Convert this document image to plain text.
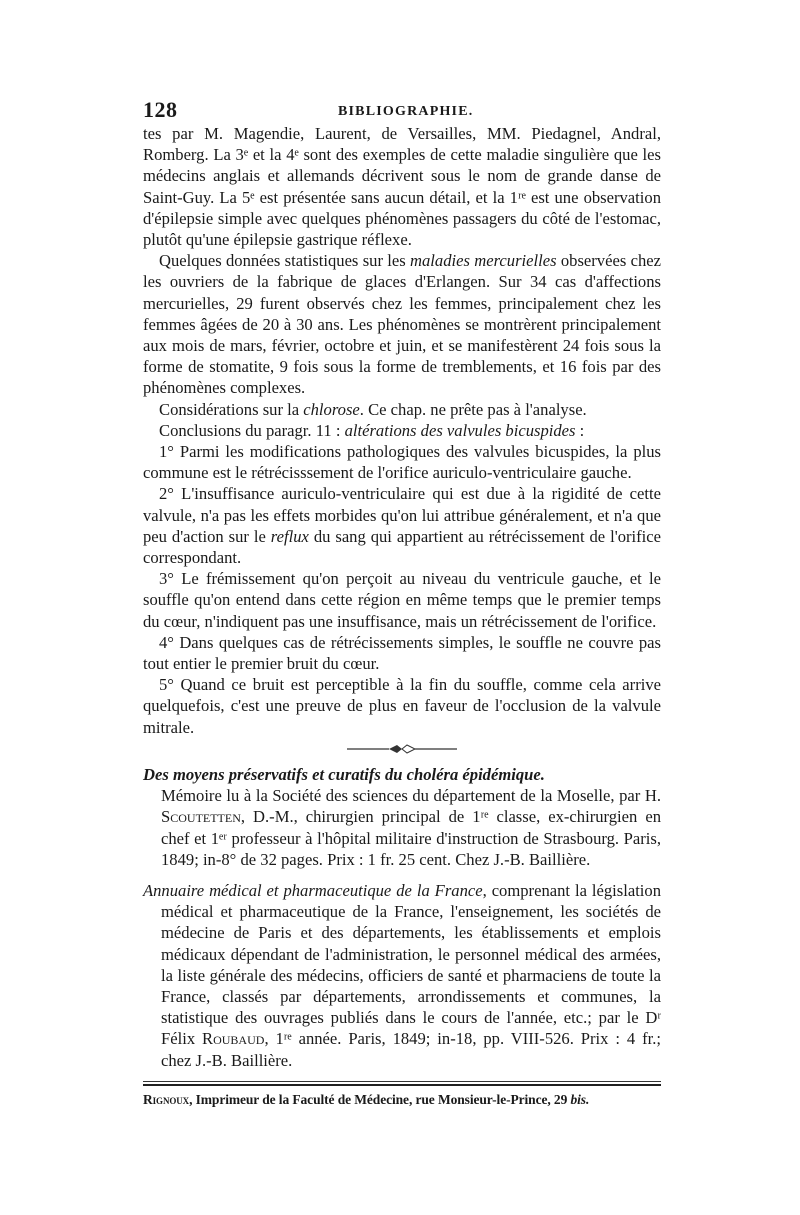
128	BIBLIOGRAPHIE.

tes par M. Magendie, Laurent, de Versailles, MM. Piedagnel, Andral, Romberg. La 3ᵉ et la 4ᵉ sont des exemples de cette maladie singulière que les médecins anglais et allemands décrivent sous le nom de grande danse de Saint-Guy. La 5ᵉ est présentée sans aucun détail, et la 1ʳᵉ est une observation d'épilepsie simple avec quelques phénomènes passagers du côté de l'estomac, plutôt qu'une épilepsie gastrique réflexe.

Quelques données statistiques sur les maladies mercurielles observées chez les ouvriers de la fabrique de glaces d'Erlangen. Sur 34 cas d'affections mercurielles, 29 furent observés chez les femmes, principalement chez les femmes âgées de 20 à 30 ans. Les phénomènes se montrèrent principalement aux mois de mars, février, octobre et juin, et se manifestèrent 24 fois sous la forme de stomatite, 9 fois sous la forme de tremblements, et 16 fois par des phénomènes complexes.

Considérations sur la chlorose. Ce chap. ne prête pas à l'analyse.

Conclusions du paragr. 11 : altérations des valvules bicuspides :

1° Parmi les modifications pathologiques des valvules bicuspides, la plus commune est le rétrécisssement de l'orifice auriculo-ventriculaire gauche.

2° L'insuffisance auriculo-ventriculaire qui est due à la rigidité de cette valvule, n'a pas les effets morbides qu'on lui attribue généralement, et n'a que peu d'action sur le reflux du sang qui appartient au rétrécissement de l'orifice correspondant.

3° Le frémissement qu'on perçoit au niveau du ventricule gauche, et le souffle qu'on entend dans cette région en même temps que le premier temps du cœur, n'indiquent pas une insuffisance, mais un rétrécissement de l'orifice.

4° Dans quelques cas de rétrécissements simples, le souffle ne couvre pas tout entier le premier bruit du cœur.

5° Quand ce bruit est perceptible à la fin du souffle, comme cela arrive quelquefois, c'est une preuve de plus en faveur de l'occlusion de la valvule mitrale.

Des moyens préservatifs et curatifs du choléra épidémique.

Mémoire lu à la Société des sciences du département de la Moselle, par H. Scoutetten, D.-M., chirurgien principal de 1ʳᵉ classe, ex-chirurgien en chef et 1ᵉʳ professeur à l'hôpital militaire d'instruction de Strasbourg. Paris, 1849; in-8° de 32 pages. Prix : 1 fr. 25 cent. Chez J.-B. Baillière.

Annuaire médical et pharmaceutique de la France, comprenant la législation médical et pharmaceutique de la France, l'enseignement, les sociétés de médecine de Paris et des départements, les établissements et emplois médicaux dépendant de l'administration, le personnel médical des armées, la liste générale des médecins, officiers de santé et pharmaciens de toute la France, classés par départements, arrondissements et communes, la statistique des ouvrages publiés dans le cours de l'année, etc.; par le Dʳ Félix Roubaud, 1ʳᵉ année. Paris, 1849; in-18, pp. VIII-526. Prix : 4 fr.; chez J.-B. Baillière.

Rignoux, Imprimeur de la Faculté de Médecine, rue Monsieur-le-Prince, 29 bis.
